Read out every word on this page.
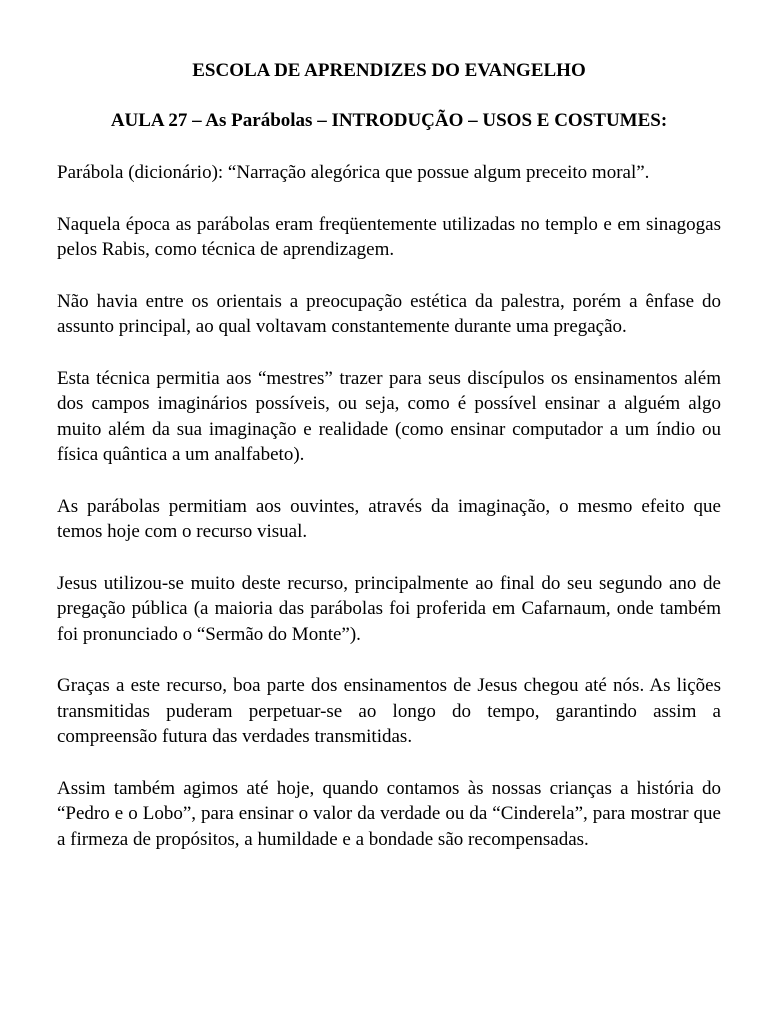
ESCOLA DE APRENDIZES DO EVANGELHO
AULA 27 – As Parábolas – INTRODUÇÃO – USOS E COSTUMES:

Parábola (dicionário): “Narração alegórica que possue algum preceito moral”.

Naquela época as parábolas eram freqüentemente utilizadas no templo e em sinagogas pelos Rabis, como técnica de aprendizagem.

Não havia entre os orientais a preocupação estética da palestra, porém a ênfase do assunto principal, ao qual voltavam constantemente durante uma pregação.

Esta técnica permitia aos “mestres” trazer para seus discípulos os ensinamentos além dos campos imaginários possíveis, ou seja, como é possível ensinar a alguém algo muito além da sua imaginação e realidade (como ensinar computador a um índio ou física quântica a um analfabeto).

As parábolas permitiam aos ouvintes, através da imaginação, o mesmo efeito que temos hoje com o recurso visual.

Jesus utilizou-se muito deste recurso, principalmente ao final do seu segundo ano de pregação pública (a maioria das parábolas foi proferida em Cafarnaum, onde também foi pronunciado o “Sermão do Monte”).

Graças a este recurso, boa parte dos ensinamentos de Jesus chegou até nós. As lições transmitidas puderam perpetuar-se ao longo do tempo, garantindo assim a compreensão futura das verdades transmitidas.

Assim também agimos até hoje, quando contamos às nossas crianças a história do “Pedro e o Lobo”, para ensinar o valor da verdade ou da “Cinderela”, para mostrar que a firmeza de propósitos, a humildade e a bondade são recompensadas.
